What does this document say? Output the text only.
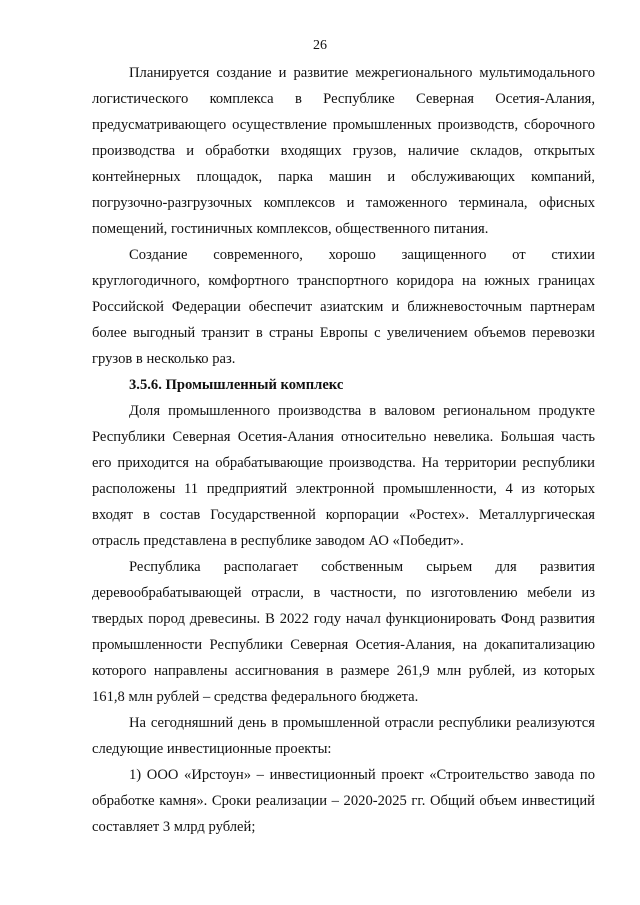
26

Планируется создание и развитие межрегионального мультимодального логистического комплекса в Республике Северная Осетия-Алания, предусматривающего осуществление промышленных производств, сборочного производства и обработки входящих грузов, наличие складов, открытых контейнерных площадок, парка машин и обслуживающих компаний, погрузочно-разгрузочных комплексов и таможенного терминала, офисных помещений, гостиничных комплексов, общественного питания.

Создание современного, хорошо защищенного от стихии круглогодичного, комфортного транспортного коридора на южных границах Российской Федерации обеспечит азиатским и ближневосточным партнерам более выгодный транзит в страны Европы с увеличением объемов перевозки грузов в несколько раз.

3.5.6. Промышленный комплекс

Доля промышленного производства в валовом региональном продукте Республики Северная Осетия-Алания относительно невелика. Большая часть его приходится на обрабатывающие производства. На территории республики расположены 11 предприятий электронной промышленности, 4 из которых входят в состав Государственной корпорации «Ростех». Металлургическая отрасль представлена в республике заводом АО «Победит».

Республика располагает собственным сырьем для развития деревообрабатывающей отрасли, в частности, по изготовлению мебели из твердых пород древесины. В 2022 году начал функционировать Фонд развития промышленности Республики Северная Осетия-Алания, на докапитализацию которого направлены ассигнования в размере 261,9 млн рублей, из которых 161,8 млн рублей – средства федерального бюджета.

На сегодняшний день в промышленной отрасли республики реализуются следующие инвестиционные проекты:

1) ООО «Ирстоун» – инвестиционный проект «Строительство завода по обработке камня». Сроки реализации – 2020-2025 гг. Общий объем инвестиций составляет 3 млрд рублей;
